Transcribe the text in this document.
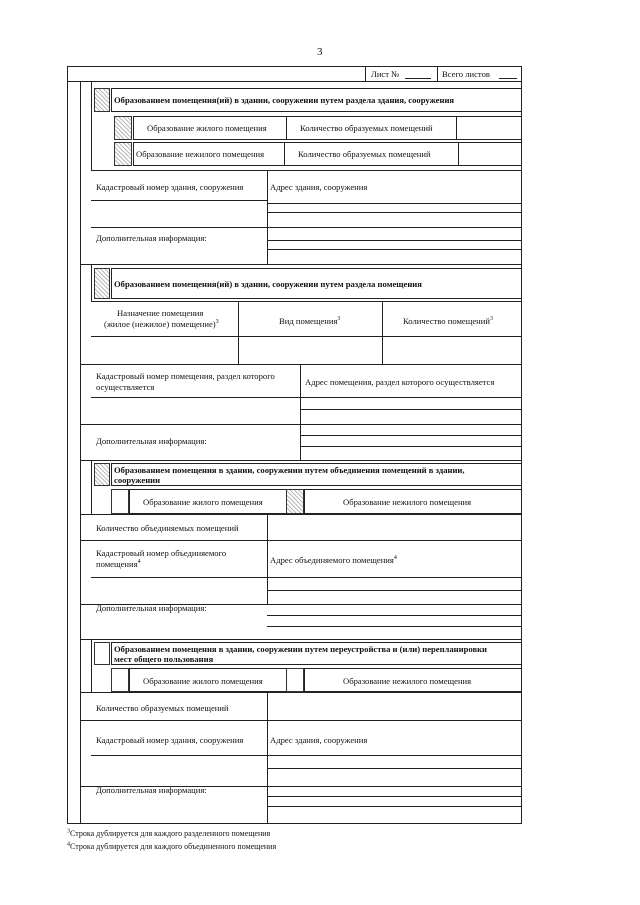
3
Лист №	Всего листов
Образованием помещения(ий) в здании, сооружении путем раздела здания, сооружения
Образование жилого помещения	Количество образуемых помещений
Образование нежилого помещения	Количество образуемых помещений
Кадастровый номер здания, сооружения	Адрес здания, сооружения
Дополнительная информация:
Образованием помещения(ий) в здании, сооружении путем раздела помещения
Назначение помещения
(жилое (нежилое) помещение)$^3$	Вид помещения$^3$	Количество помещений$^3$
Кадастровый номер помещения, раздел которого
осуществляется	Адрес помещения, раздел которого осуществляется
Дополнительная информация:
Образованием помещения в здании, сооружении путем объединения помещений в здании,
сооружении
Образование жилого помещения	Образование нежилого помещения
Количество объединяемых помещений
Кадастровый номер объединяемого
помещения$^4$	Адрес объединяемого помещения$^4$
Дополнительная информация:
Образованием помещения в здании, сооружении путем переустройства и (или) перепланировки
мест общего пользования
Образование жилого помещения	Образование нежилого помещения
Количество образуемых помещений
Кадастровый номер здания, сооружения	Адрес здания, сооружения
Дополнительная информация:
$^3$Строка дублируется для каждого разделенного помещения
$^4$Строка дублируется для каждого объединенного помещения
